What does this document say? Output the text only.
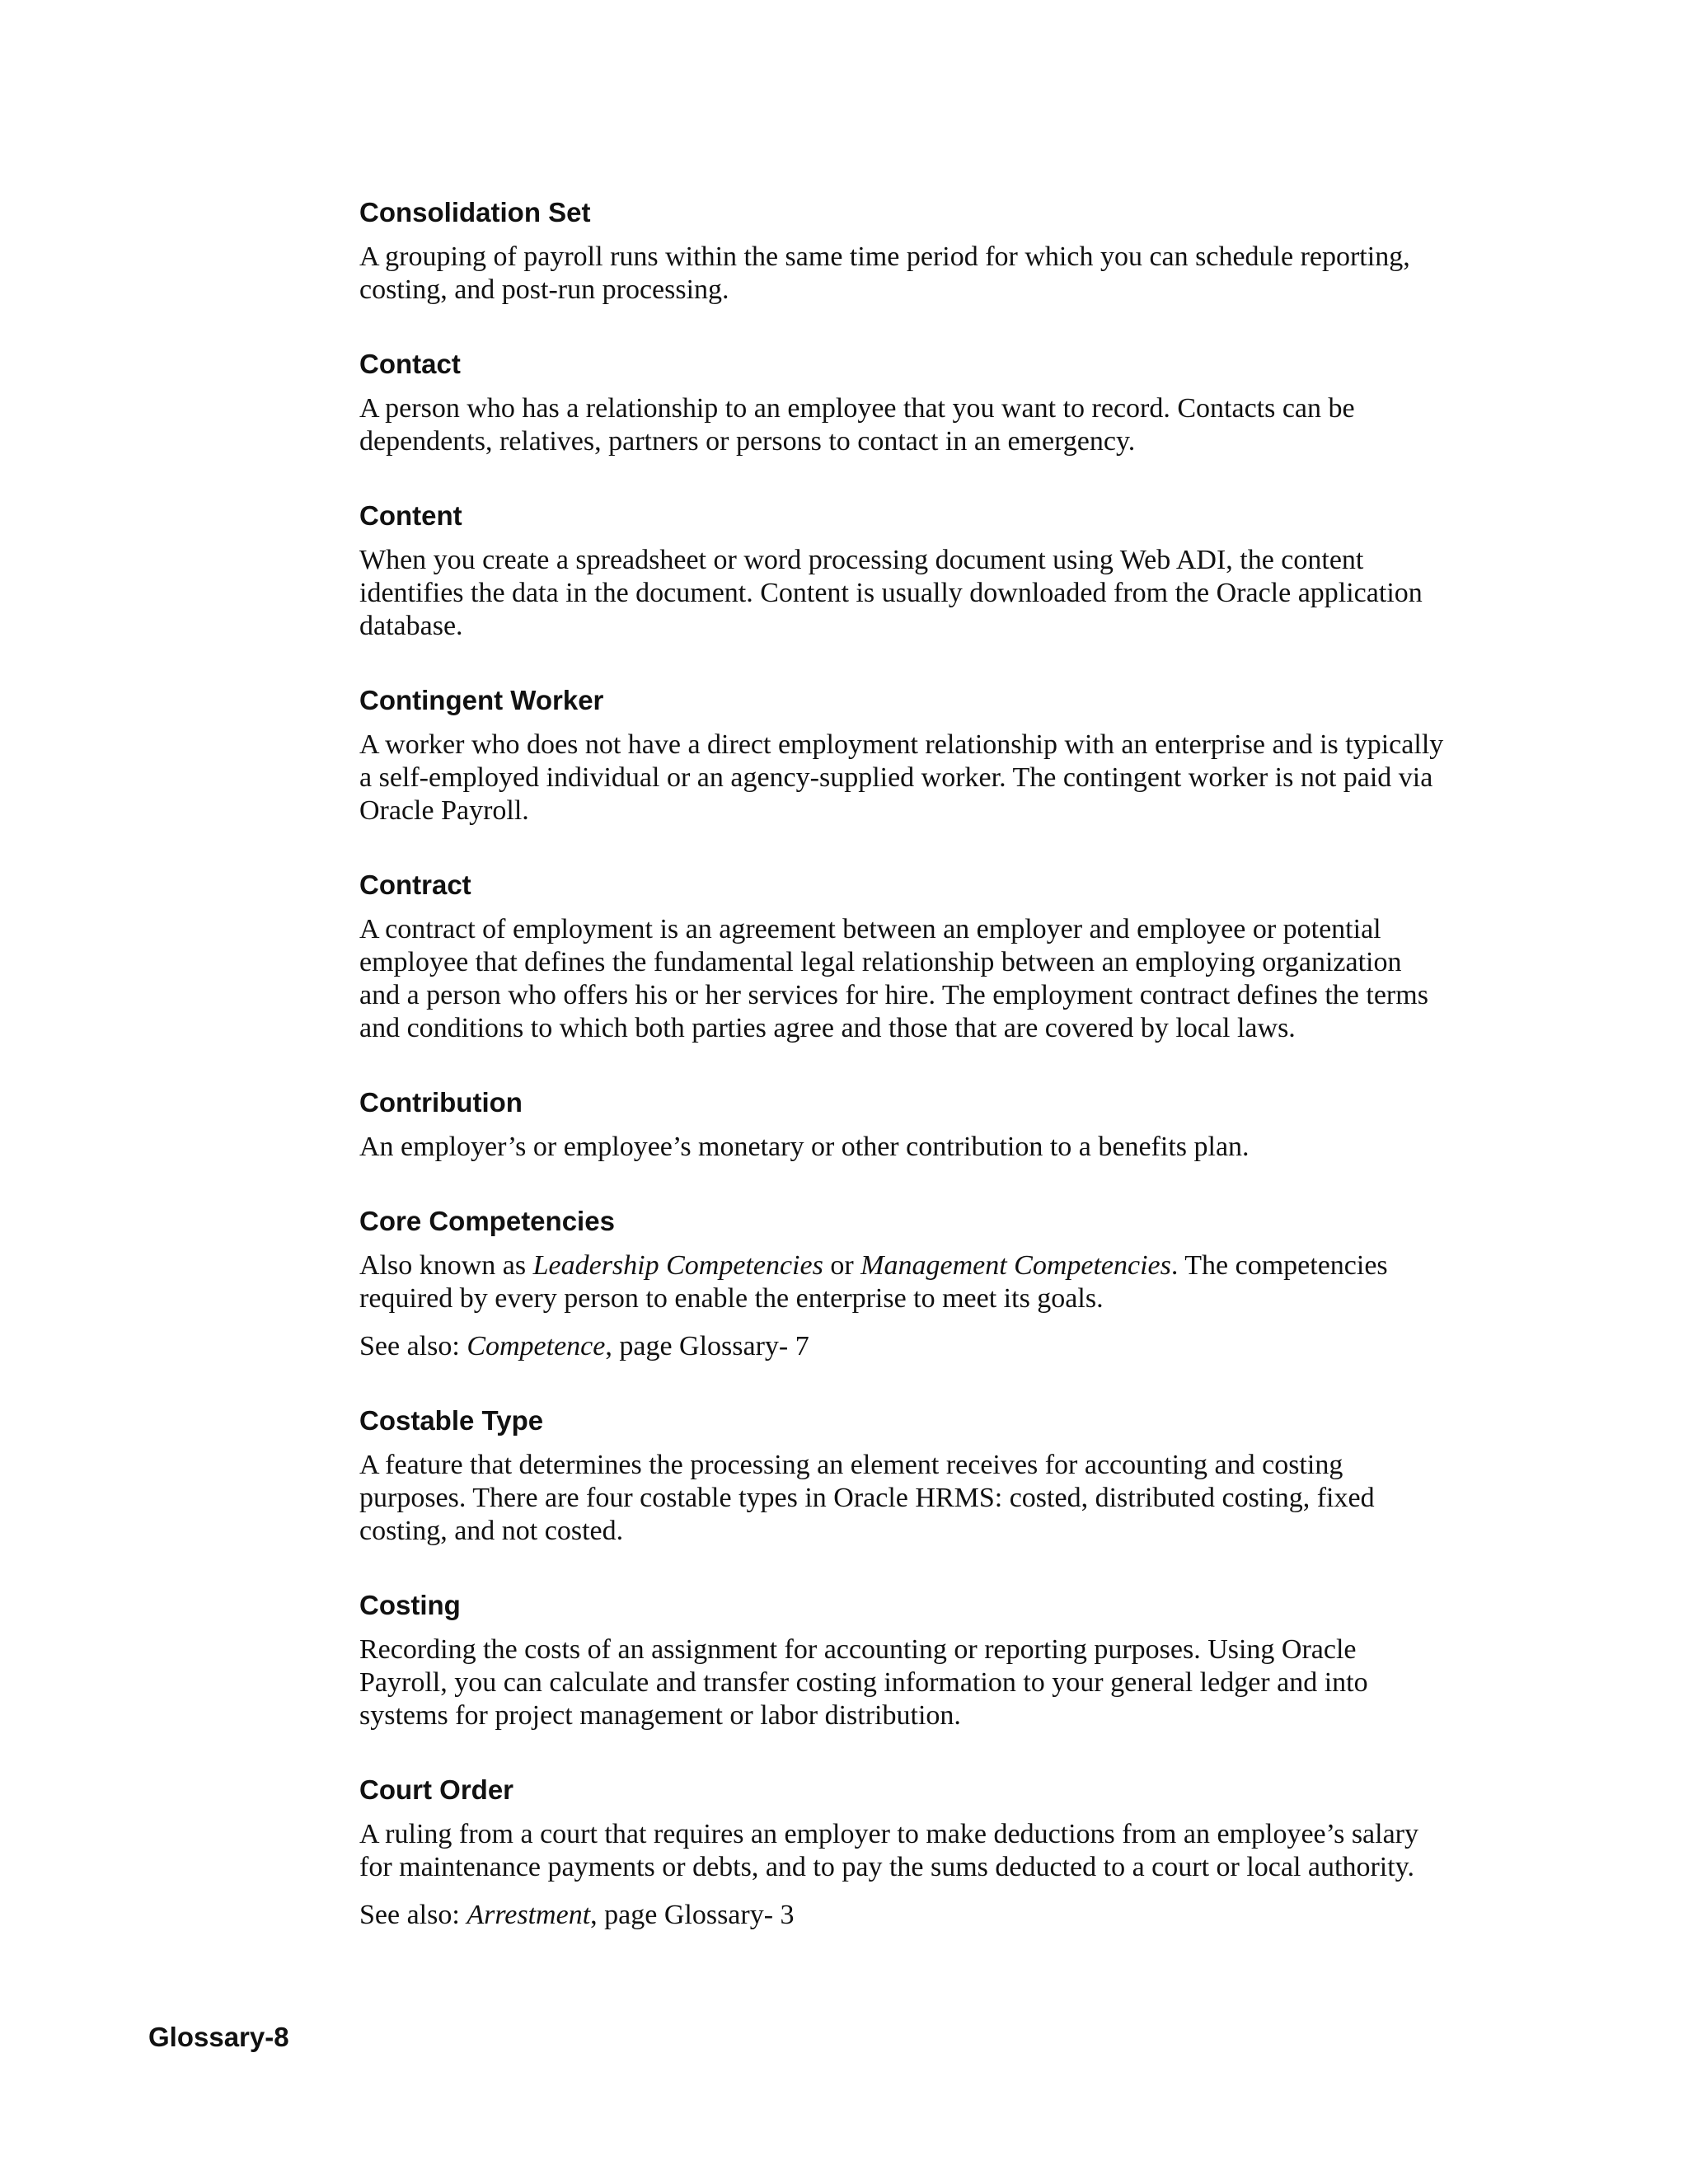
Consolidation Set

A grouping of payroll runs within the same time period for which you can schedule reporting, costing, and post-run processing.

Contact

A person who has a relationship to an employee that you want to record. Contacts can be dependents, relatives, partners or persons to contact in an emergency.

Content

When you create a spreadsheet or word processing document using Web ADI, the content identifies the data in the document. Content is usually downloaded from the Oracle application database.

Contingent Worker

A worker who does not have a direct employment relationship with an enterprise and is typically a self-employed individual or an agency-supplied worker. The contingent worker is not paid via Oracle Payroll.

Contract

A contract of employment is an agreement between an employer and employee or potential employee that defines the fundamental legal relationship between an employing organization and a person who offers his or her services for hire. The employment contract defines the terms and conditions to which both parties agree and those that are covered by local laws.

Contribution

An employer’s or employee’s monetary or other contribution to a benefits plan.

Core Competencies

Also known as Leadership Competencies or Management Competencies. The competencies required by every person to enable the enterprise to meet its goals.

See also: Competence, page Glossary- 7

Costable Type

A feature that determines the processing an element receives for accounting and costing purposes. There are four costable types in Oracle HRMS: costed, distributed costing, fixed costing, and not costed.

Costing

Recording the costs of an assignment for accounting or reporting purposes. Using Oracle Payroll, you can calculate and transfer costing information to your general ledger and into systems for project management or labor distribution.

Court Order

A ruling from a court that requires an employer to make deductions from an employee’s salary for maintenance payments or debts, and to pay the sums deducted to a court or local authority.

See also: Arrestment, page Glossary- 3

Glossary-8
